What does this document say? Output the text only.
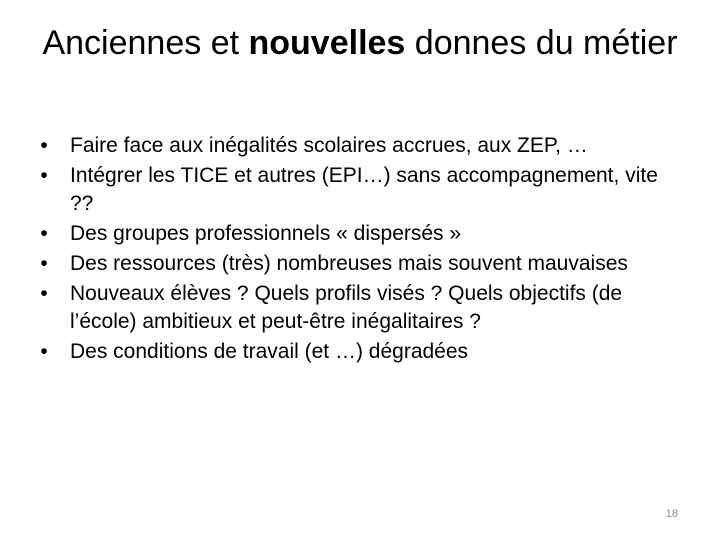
Anciennes et nouvelles donnes du métier
• Faire face aux inégalités scolaires accrues, aux ZEP, …
• Intégrer les TICE et autres (EPI…) sans accompagnement, vite ??
• Des groupes professionnels « dispersés »
• Des ressources (très) nombreuses mais souvent mauvaises
• Nouveaux élèves ? Quels profils visés ? Quels objectifs (de l’école) ambitieux et peut-être inégalitaires ?
• Des conditions de travail (et …) dégradées
18
